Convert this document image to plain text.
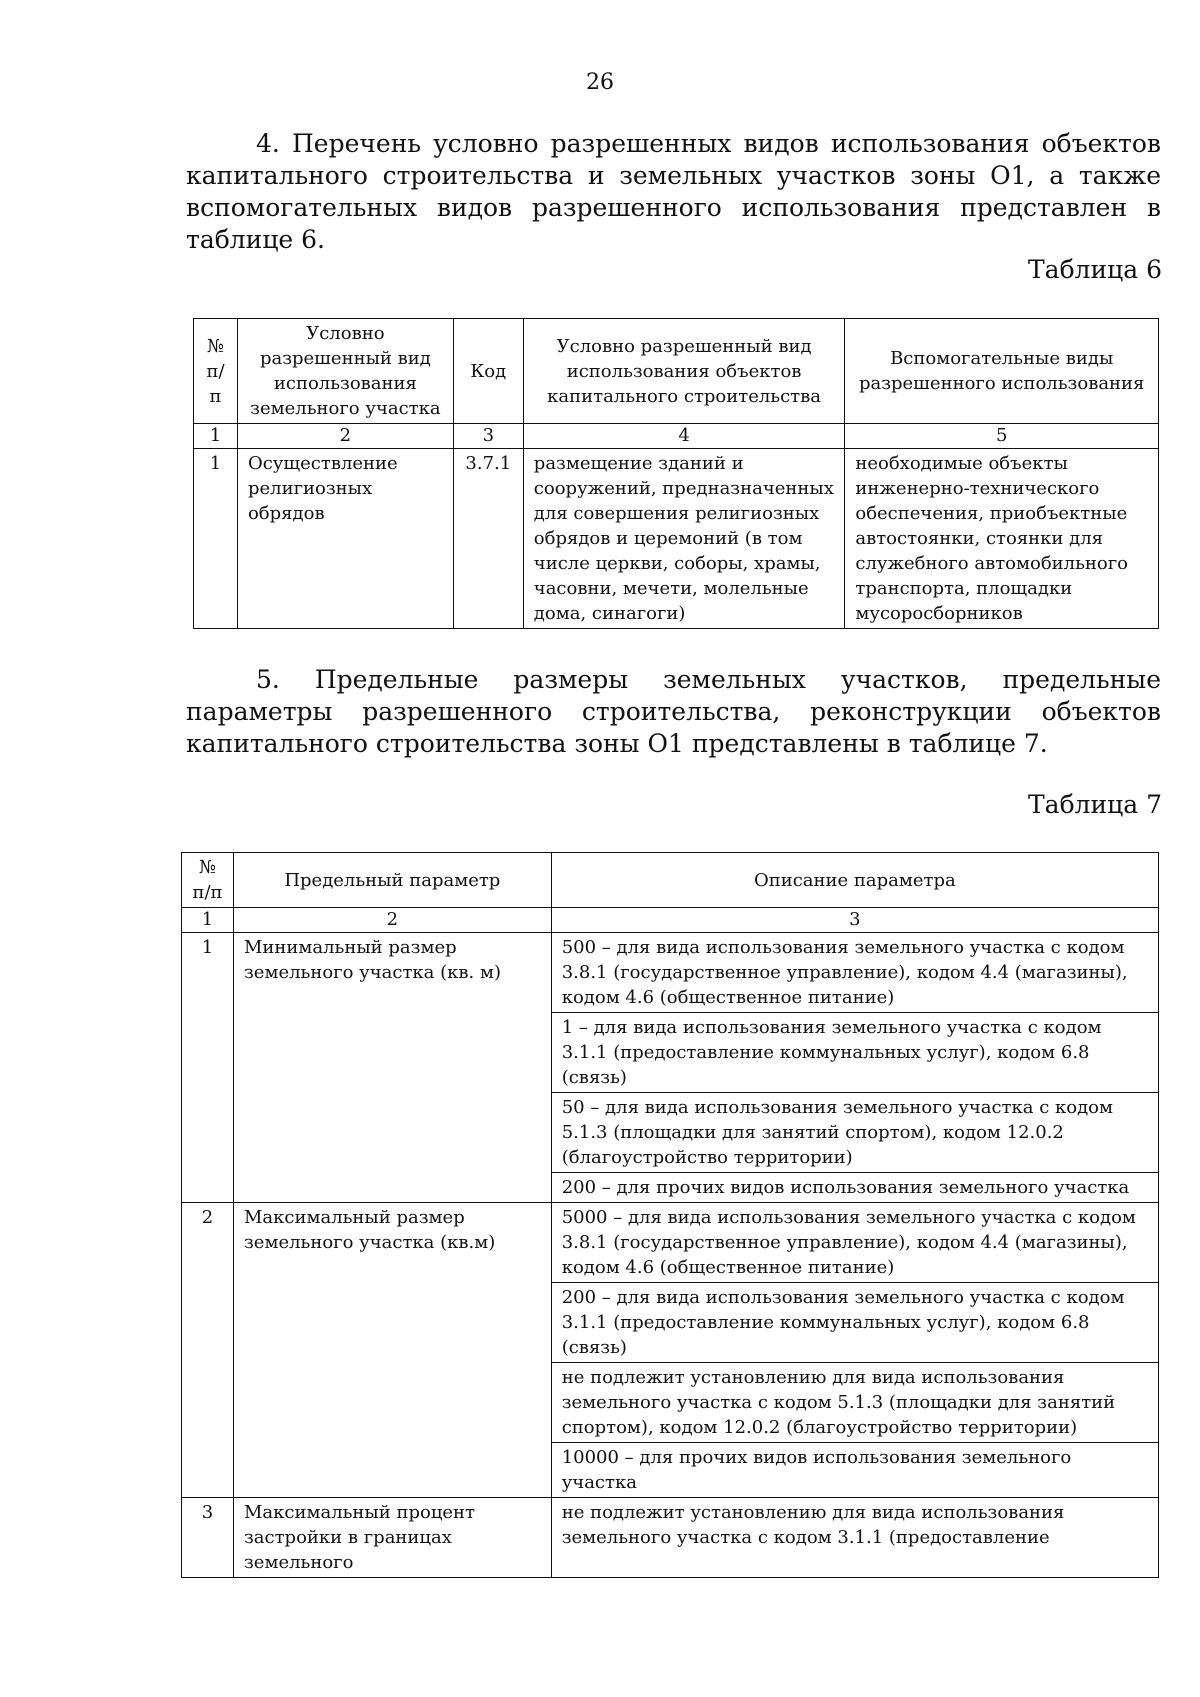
26
4. Перечень условно разрешенных видов использования объектов капитального строительства и земельных участков зоны О1, а также вспомогательных видов разрешенного использования представлен в таблице 6.
Таблица 6
№ п/п	Условно разрешенный вид использования земельного участка	Код	Условно разрешенный вид использования объектов капитального строительства	Вспомогательные виды разрешенного использования
1	2	3	4	5
1	Осуществление религиозных обрядов	3.7.1	размещение зданий и сооружений, предназначенных для совершения религиозных обрядов и церемоний (в том числе церкви, соборы, храмы, часовни, мечети, молельные дома, синагоги)	необходимые объекты инженерно-технического обеспечения, приобъектные автостоянки, стоянки для служебного автомобильного транспорта, площадки мусоросборников
5. Предельные размеры земельных участков, предельные параметры разрешенного строительства, реконструкции объектов капитального строительства зоны О1 представлены в таблице 7.
Таблица 7
№ п/п	Предельный параметр	Описание параметра
1	2	3
1	Минимальный размер земельного участка (кв. м)	500 – для вида использования земельного участка с кодом 3.8.1 (государственное управление), кодом 4.4 (магазины), кодом 4.6 (общественное питание)
		1 – для вида использования земельного участка с кодом 3.1.1 (предоставление коммунальных услуг), кодом 6.8 (связь)
		50 – для вида использования земельного участка с кодом 5.1.3 (площадки для занятий спортом), кодом 12.0.2 (благоустройство территории)
		200 – для прочих видов использования земельного участка
2	Максимальный размер земельного участка (кв.м)	5000 – для вида использования земельного участка с кодом 3.8.1 (государственное управление), кодом 4.4 (магазины), кодом 4.6 (общественное питание)
		200 – для вида использования земельного участка с кодом 3.1.1 (предоставление коммунальных услуг), кодом 6.8 (связь)
		не подлежит установлению для вида использования земельного участка с кодом 5.1.3 (площадки для занятий спортом), кодом 12.0.2 (благоустройство территории)
		10000 – для прочих видов использования земельного участка
3	Максимальный процент застройки в границах земельного	не подлежит установлению для вида использования земельного участка с кодом 3.1.1 (предоставление
